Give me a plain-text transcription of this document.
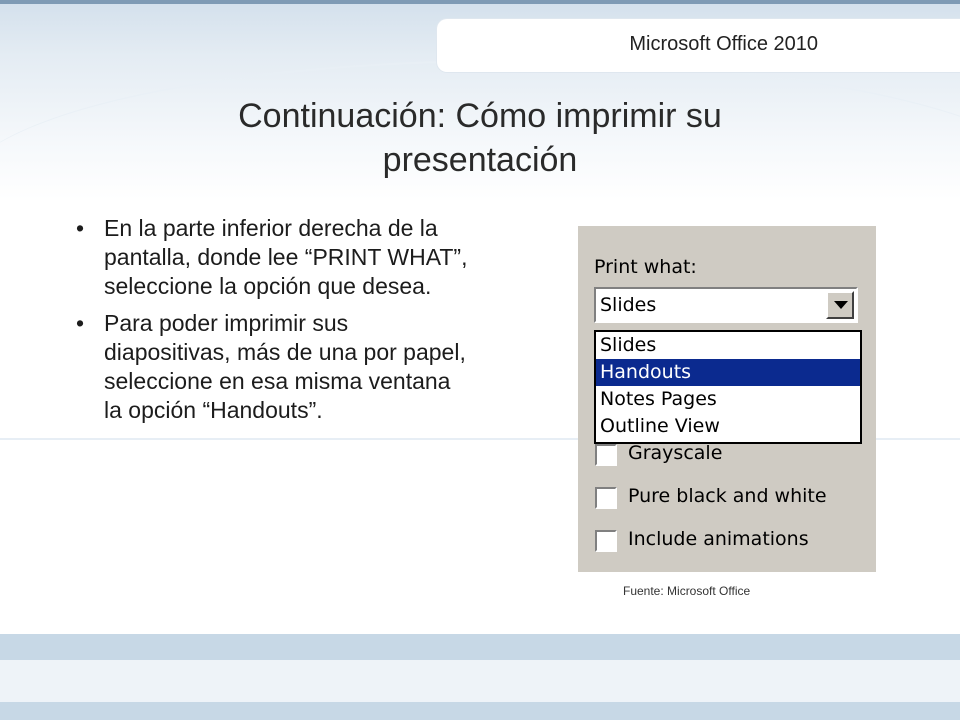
Microsoft Office 2010
Continuación: Cómo imprimir su presentación
• En la parte inferior derecha de la pantalla, donde lee “PRINT WHAT”, seleccione la opción que desea.
• Para poder imprimir sus diapositivas, más de una por papel, seleccione en esa misma ventana la opción “Handouts”.
Print what:
Slides
Slides
Handouts
Notes Pages
Outline View
Grayscale
Pure black and white
Include animations
Fuente: Microsoft Office
